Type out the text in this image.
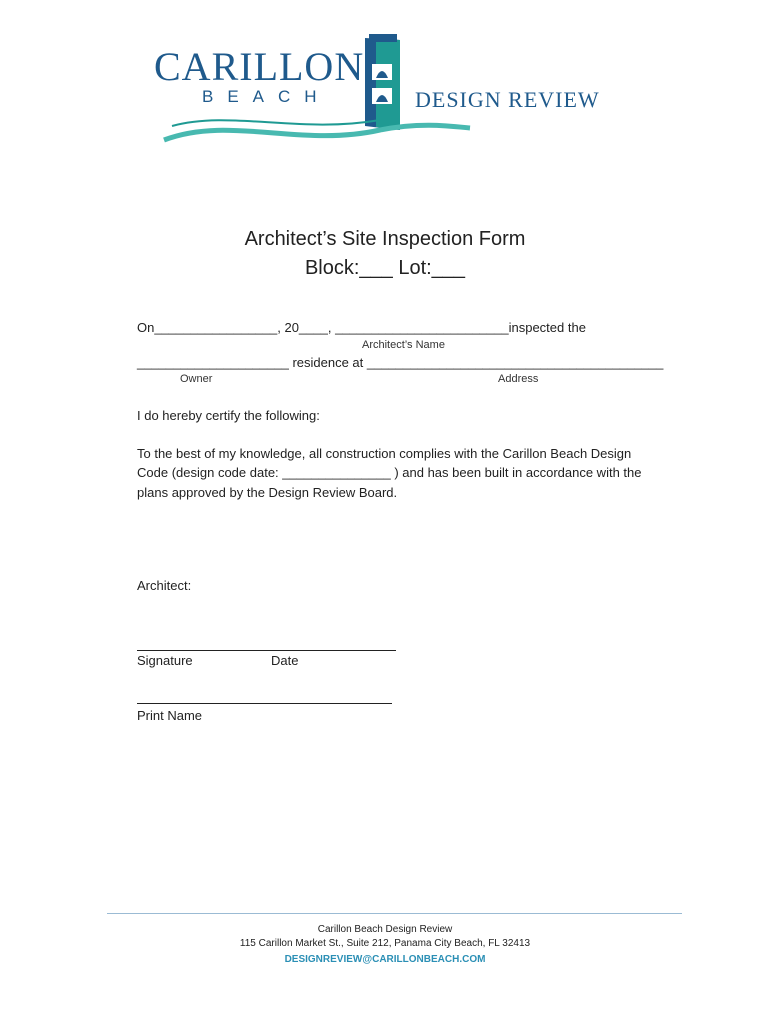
CARILLON
BEACH	DESIGN REVIEW
Architect’s Site Inspection Form
Block:___ Lot:___
On_________________, 20____, ________________________inspected the
Architect’s Name
_____________________ residence at _________________________________________
Owner	Address
I do hereby certify the following:
To the best of my knowledge, all construction complies with the Carillon Beach Design
Code (design code date: _______________ ) and has been built in accordance with the
plans approved by the Design Review Board.
Architect:
Signature	Date
Print Name
Carillon Beach Design Review
115 Carillon Market St., Suite 212, Panama City Beach, FL 32413
DESIGNREVIEW@CARILLONBEACH.COM
